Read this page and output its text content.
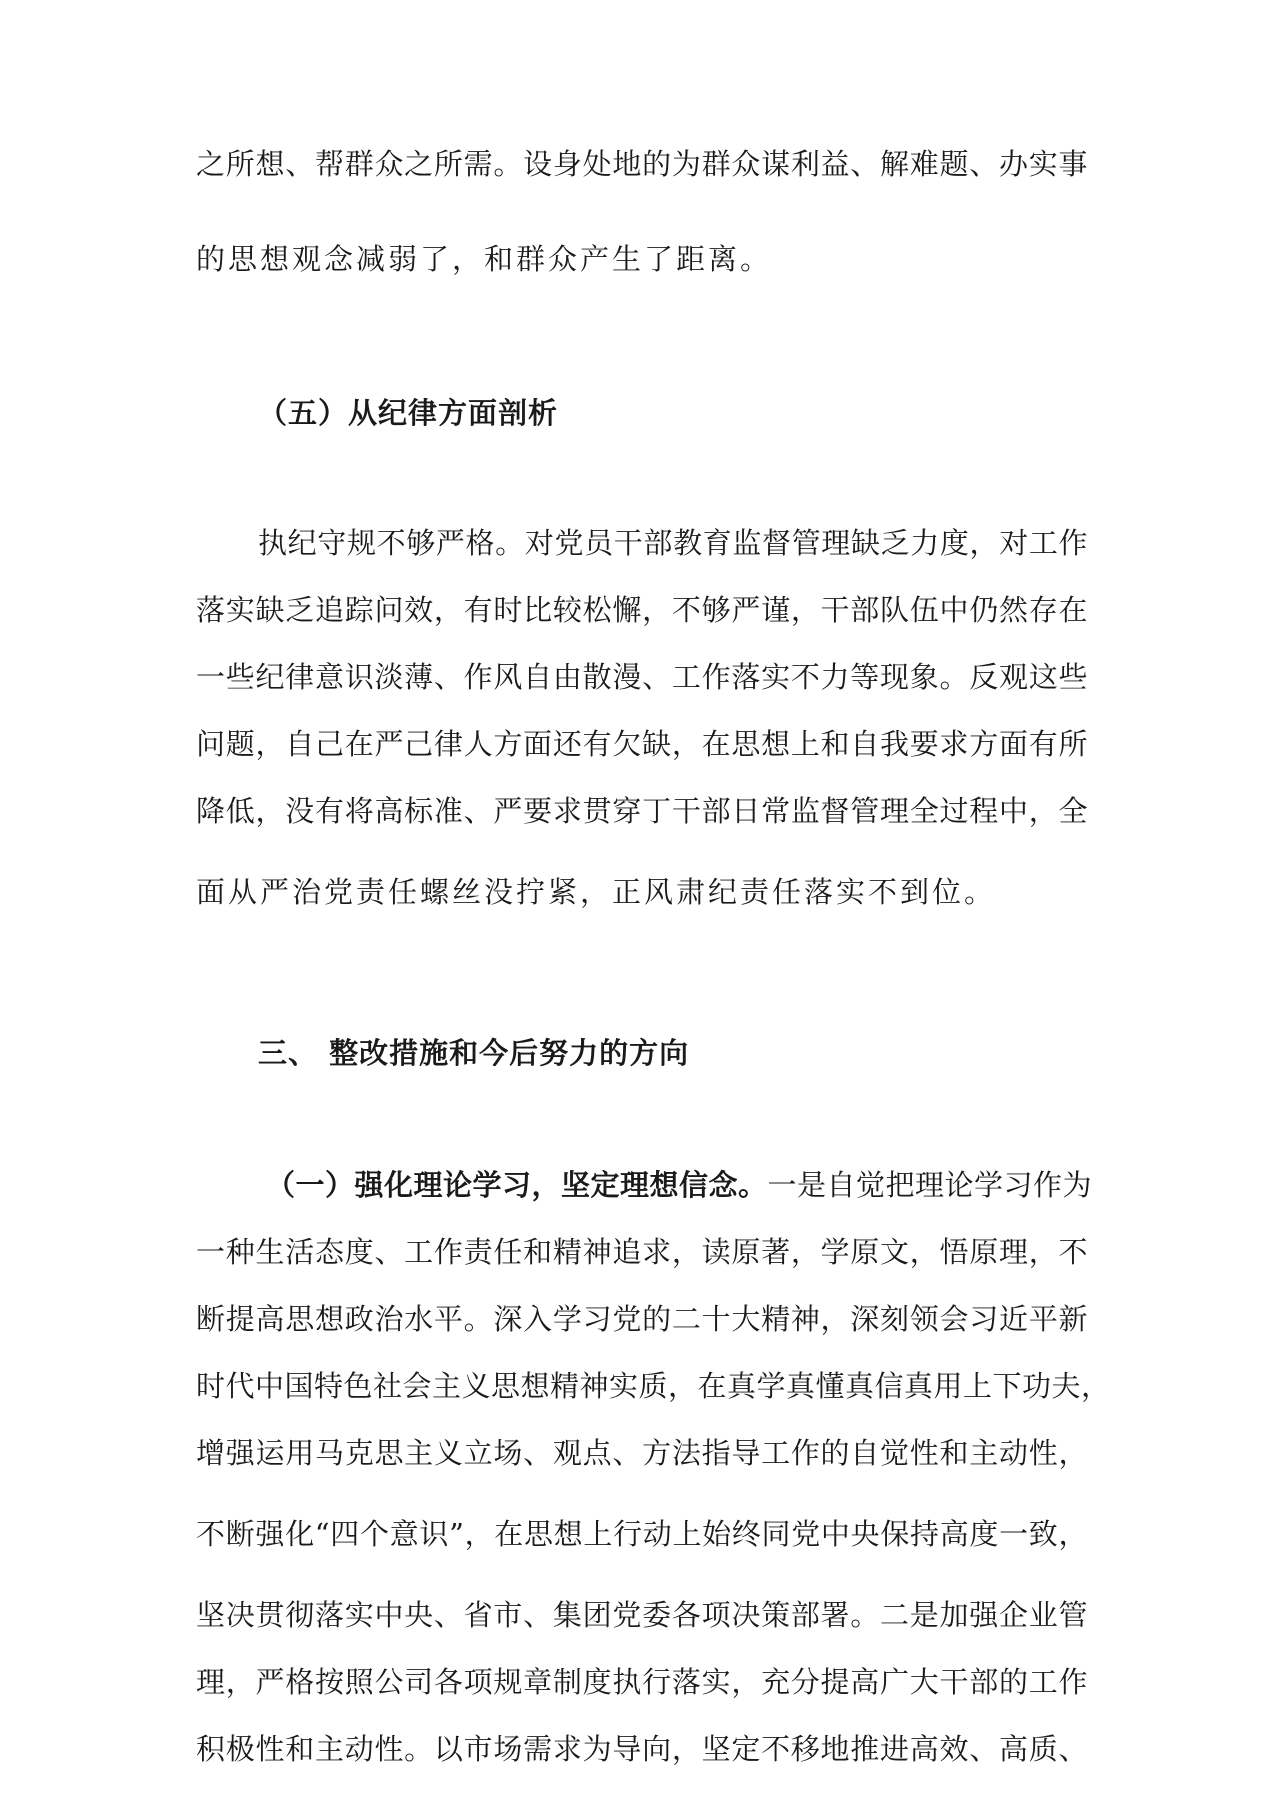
之所想、帮群众之所需。设身处地的为群众谋利益、解难题、办实事

的思想观念减弱了，和群众产生了距离。

（五）从纪律方面剖析

执纪守规不够严格。对党员干部教育监督管理缺乏力度，对工作

落实缺乏追踪问效，有时比较松懈，不够严谨，干部队伍中仍然存在

一些纪律意识淡薄、作风自由散漫、工作落实不力等现象。反观这些

问题，自己在严己律人方面还有欠缺，在思想上和自我要求方面有所

降低，没有将高标准、严要求贯穿丁干部日常监督管理全过程中，全

面从严治党责任螺丝没拧紧，正风肃纪责任落实不到位。

三、 整改措施和今后努力的方向

（一）强化理论学习，坚定理想信念。一是自觉把理论学习作为

一种生活态度、工作责任和精神追求，读原著，学原文，悟原理，不

断提高思想政治水平。深入学习党的二十大精神，深刻领会习近平新

时代中国特色社会主义思想精神实质，在真学真懂真信真用上下功夫，

增强运用马克思主义立场、观点、方法指导工作的自觉性和主动性，

不断强化“四个意识”，在思想上行动上始终同党中央保持高度一致，

坚决贯彻落实中央、省市、集团党委各项决策部署。二是加强企业管

理，严格按照公司各项规章制度执行落实，充分提高广大干部的工作

积极性和主动性。以市场需求为导向，坚定不移地推进高效、高质、
